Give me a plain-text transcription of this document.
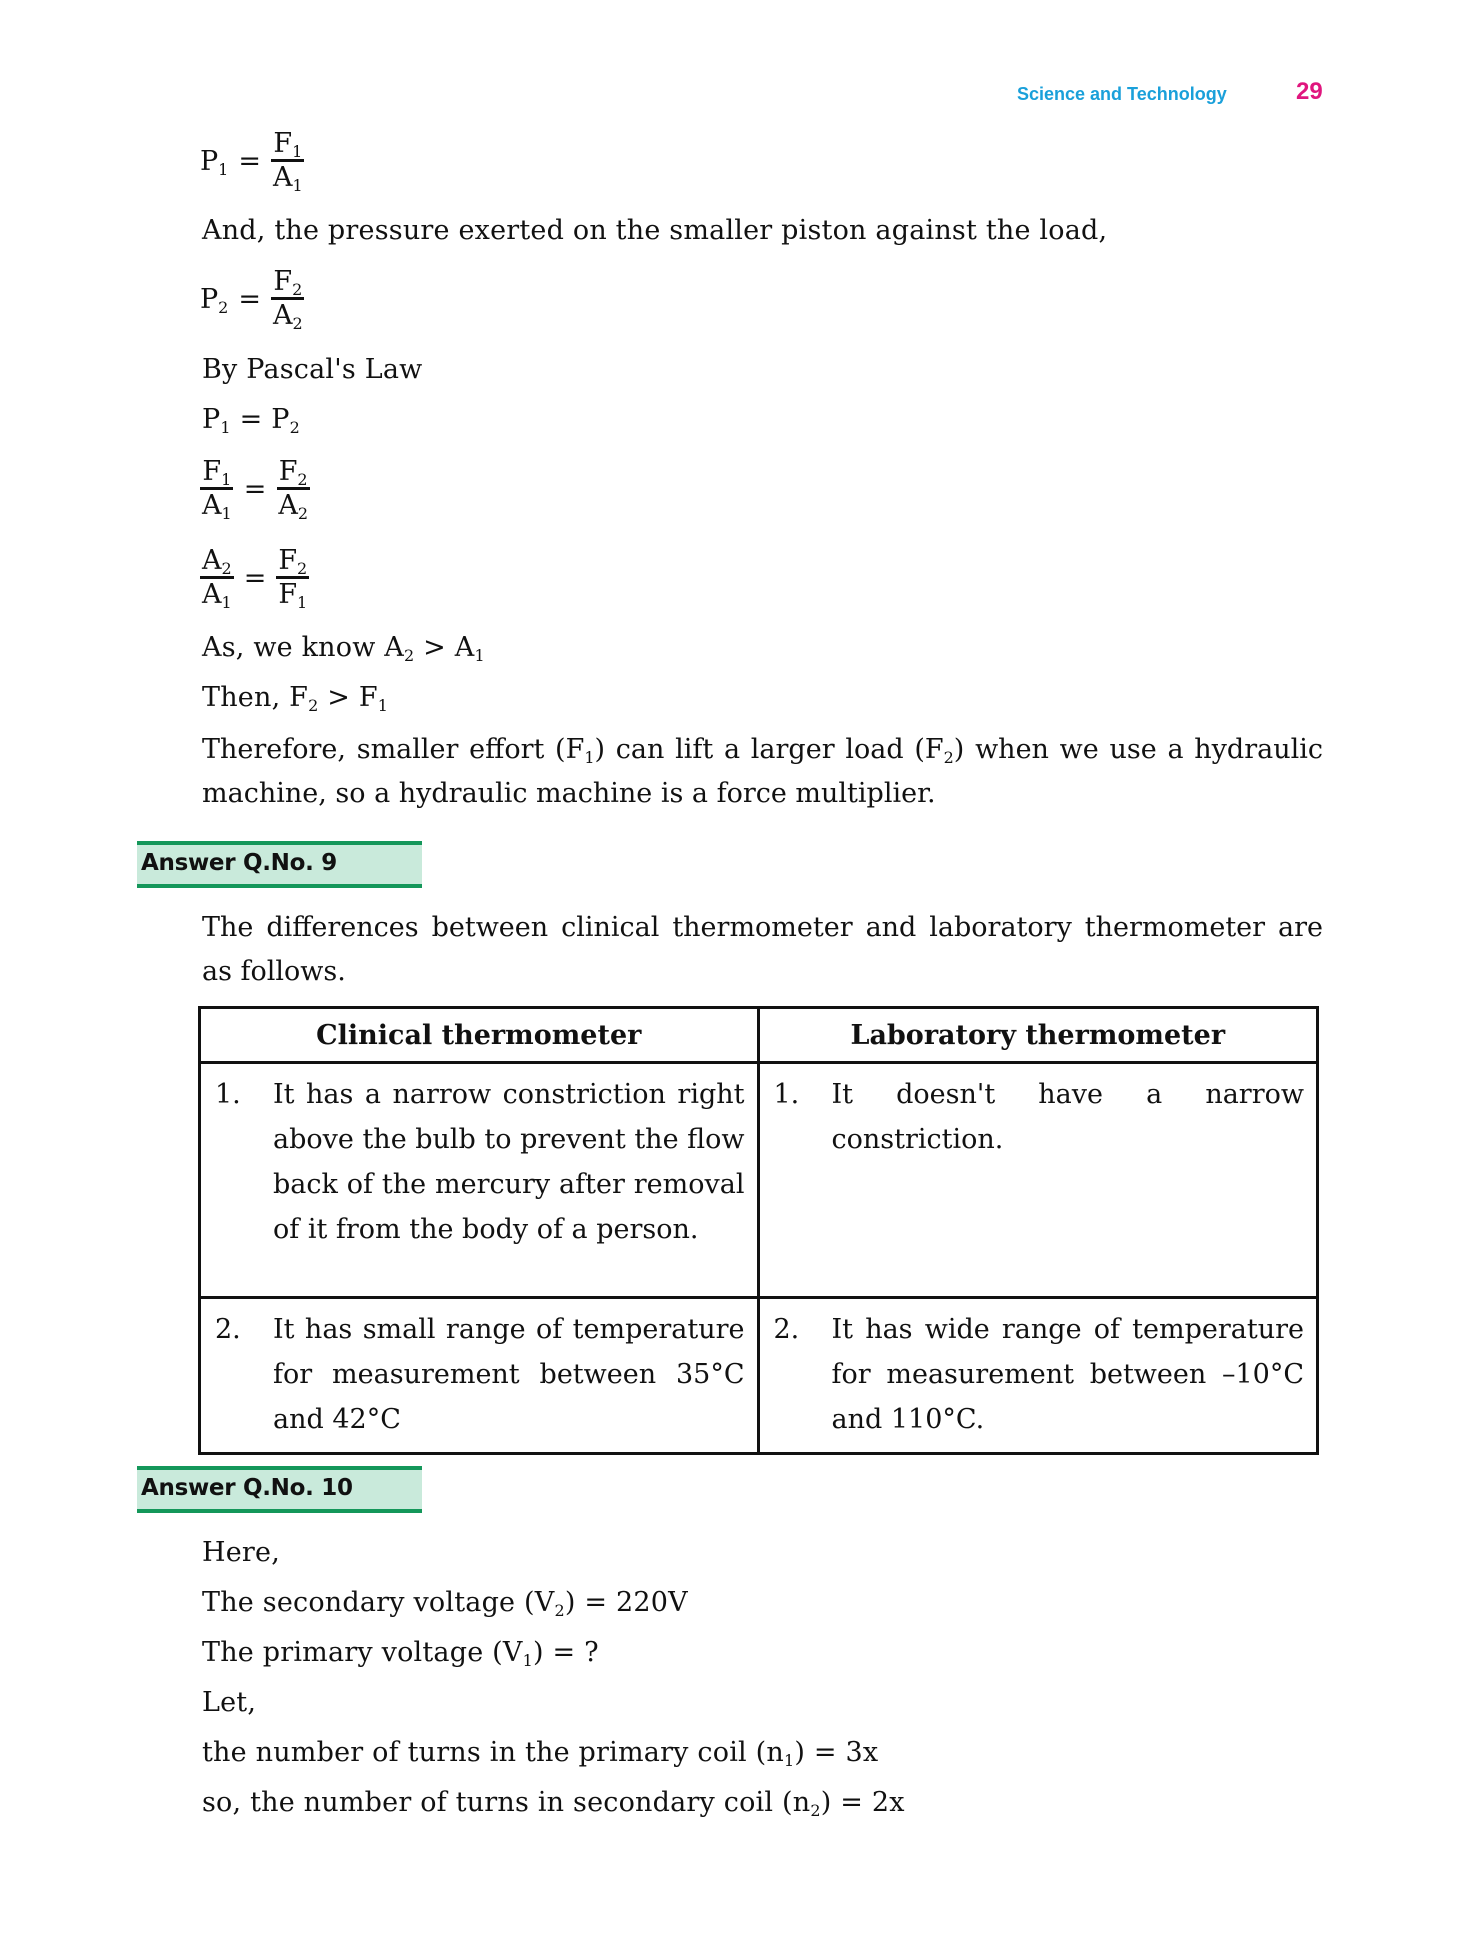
Science and Technology	29
$P_1 = \frac{F_1}{A_1}$
And, the pressure exerted on the smaller piston against the load,
$P_2 = \frac{F_2}{A_2}$
By Pascal's Law
$P_1 = P_2$
$\frac{F_1}{A_1} = \frac{F_2}{A_2}$
$\frac{A_2}{A_1} = \frac{F_2}{F_1}$
As, we know $A_2 > A_1$
Then, $F_2 > F_1$
Therefore, smaller effort $(F_1)$ can lift a larger load $(F_2)$ when we use a hydraulic machine, so a hydraulic machine is a force multiplier.
Answer Q.No. 9
The differences between clinical thermometer and laboratory thermometer are as follows.
Clinical thermometer	Laboratory thermometer

1. It has a narrow constriction right above the bulb to prevent the flow back of the mercury after removal of it from the body of a person.	1. It doesn't have a narrow constriction.

2. It has small range of temperature for measurement between 35°C and 42°C	2. It has wide range of temperature for measurement between –10°C and 110°C.
Answer Q.No. 10
Here,
The secondary voltage $(V_2) = 220V$
The primary voltage $(V_1)$ = ?
Let,
the number of turns in the primary coil $(n_1) = 3x$
so, the number of turns in secondary coil $(n_2) = 2x$
